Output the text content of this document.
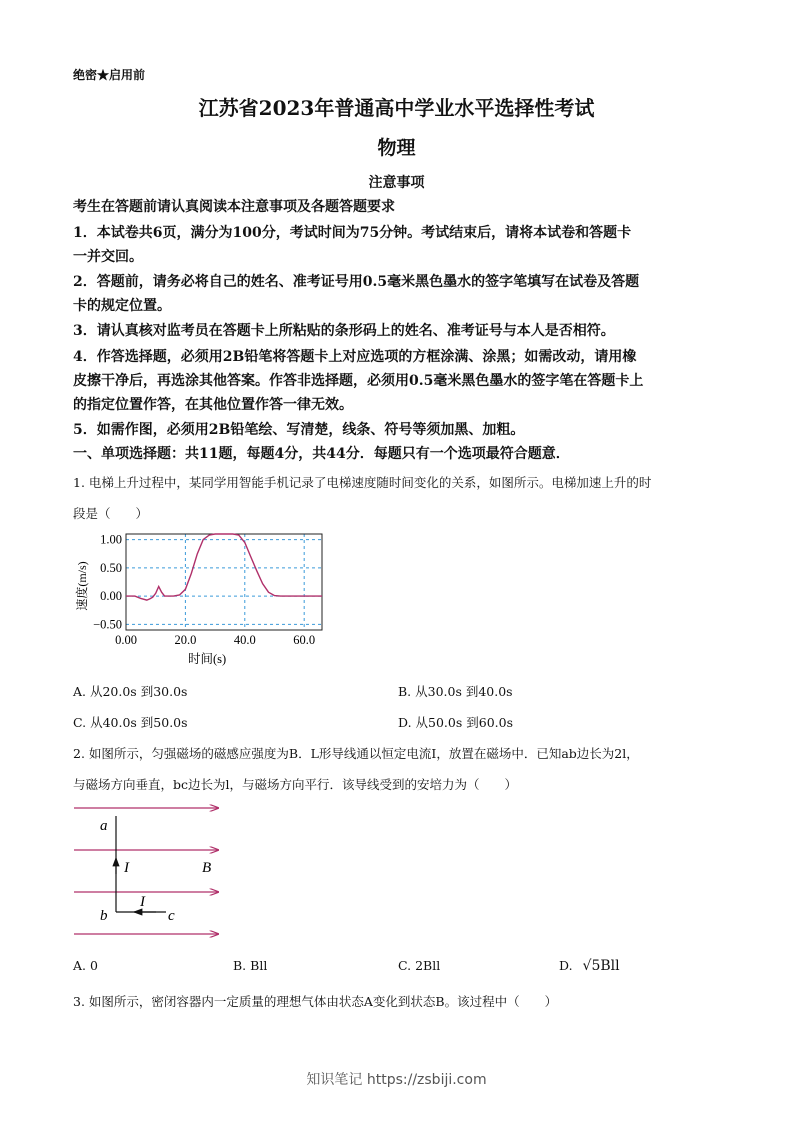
绝密★启用前
江苏省2023年普通高中学业水平选择性考试
物理
注意事项
考生在答题前请认真阅读本注意事项及各题答题要求
1．本试卷共6页，满分为100分，考试时间为75分钟。考试结束后，请将本试卷和答题卡
一并交回。
2．答题前，请务必将自己的姓名、准考证号用0.5毫米黑色墨水的签字笔填写在试卷及答题
卡的规定位置。
3．请认真核对监考员在答题卡上所粘贴的条形码上的姓名、准考证号与本人是否相符。
4．作答选择题，必须用2B铅笔将答题卡上对应选项的方框涂满、涂黑；如需改动，请用橡
皮擦干净后，再选涂其他答案。作答非选择题，必须用0.5毫米黑色墨水的签字笔在答题卡上
的指定位置作答，在其他位置作答一律无效。
5．如需作图，必须用2B铅笔绘、写清楚，线条、符号等须加黑、加粗。
一、单项选择题：共11题，每题4分，共44分．每题只有一个选项最符合题意．
1. 电梯上升过程中，某同学用智能手机记录了电梯速度随时间变化的关系，如图所示。电梯加速上升的时
段是（　　）
0.00	20.0	40.0	60.0
1.00
0.50
0.00
−0.50
时间(s)
速度(m/s)
A. 从20.0s 到30.0s	B. 从30.0s 到40.0s
C. 从40.0s 到50.0s	D. 从50.0s 到60.0s
2. 如图所示，匀强磁场的磁感应强度为B．L形导线通以恒定电流I，放置在磁场中．已知ab边长为2l，
与磁场方向垂直，bc边长为l，与磁场方向平行．该导线受到的安培力为（　　）
a
b	c
I
I
B
A. 0	B. Bll	C. 2Bll	D. √5Bll
3. 如图所示，密闭容器内一定质量的理想气体由状态A变化到状态B。该过程中（　　）
知识笔记 https://zsbiji.com
